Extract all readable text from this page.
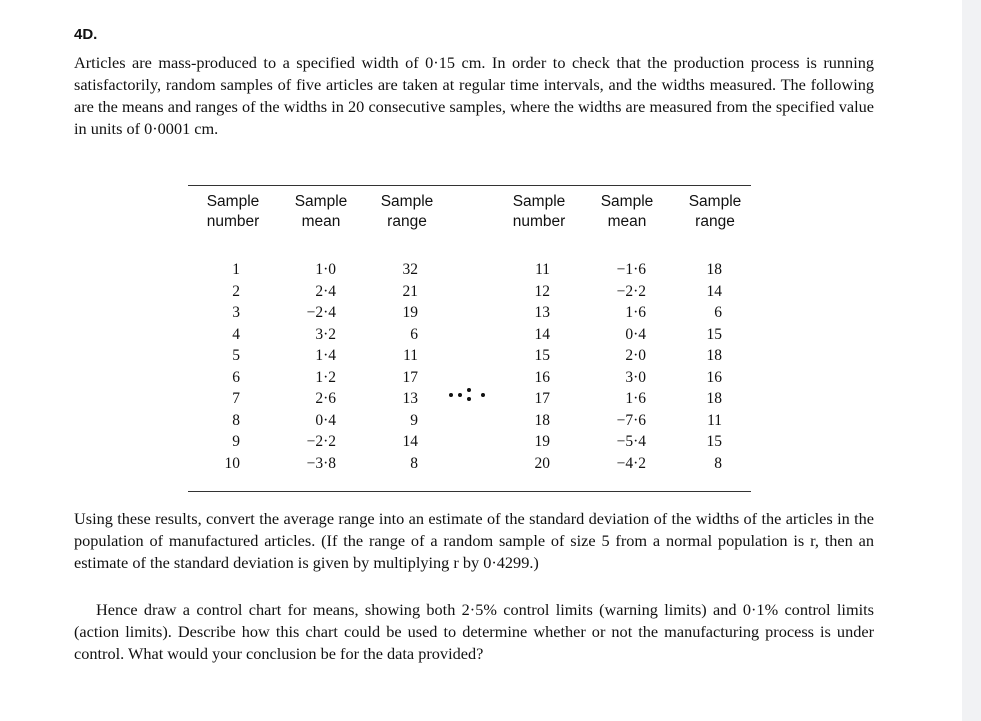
4D.

Articles are mass-produced to a specified width of 0·15 cm. In order to check that the production process is running satisfactorily, random samples of five articles are taken at regular time intervals, and the widths measured. The following are the means and ranges of the widths in 20 consecutive samples, where the widths are measured from the specified value in units of 0·0001 cm.

Sample
number
Sample
mean
Sample
range
Sample
number
Sample
mean
Sample
range
1
2
3
4
5
6
7
8
9
10
1·0
2·4
−2·4
3·2
1·4
1·2
2·6
0·4
−2·2
−3·8
32
21
19
6
11
17
13
9
14
8
11
12
13
14
15
16
17
18
19
20
−1·6
−2·2
1·6
0·4
2·0
3·0
1·6
−7·6
−5·4
−4·2
18
14
6
15
18
16
18
11
15
8

Using these results, convert the average range into an estimate of the standard deviation of the widths of the articles in the population of manufactured articles. (If the range of a random sample of size 5 from a normal population is r, then an estimate of the standard deviation is given by multiplying r by 0·4299.)

Hence draw a control chart for means, showing both 2·5% control limits (warning limits) and 0·1% control limits (action limits). Describe how this chart could be used to determine whether or not the manufacturing process is under control. What would your conclusion be for the data provided?
